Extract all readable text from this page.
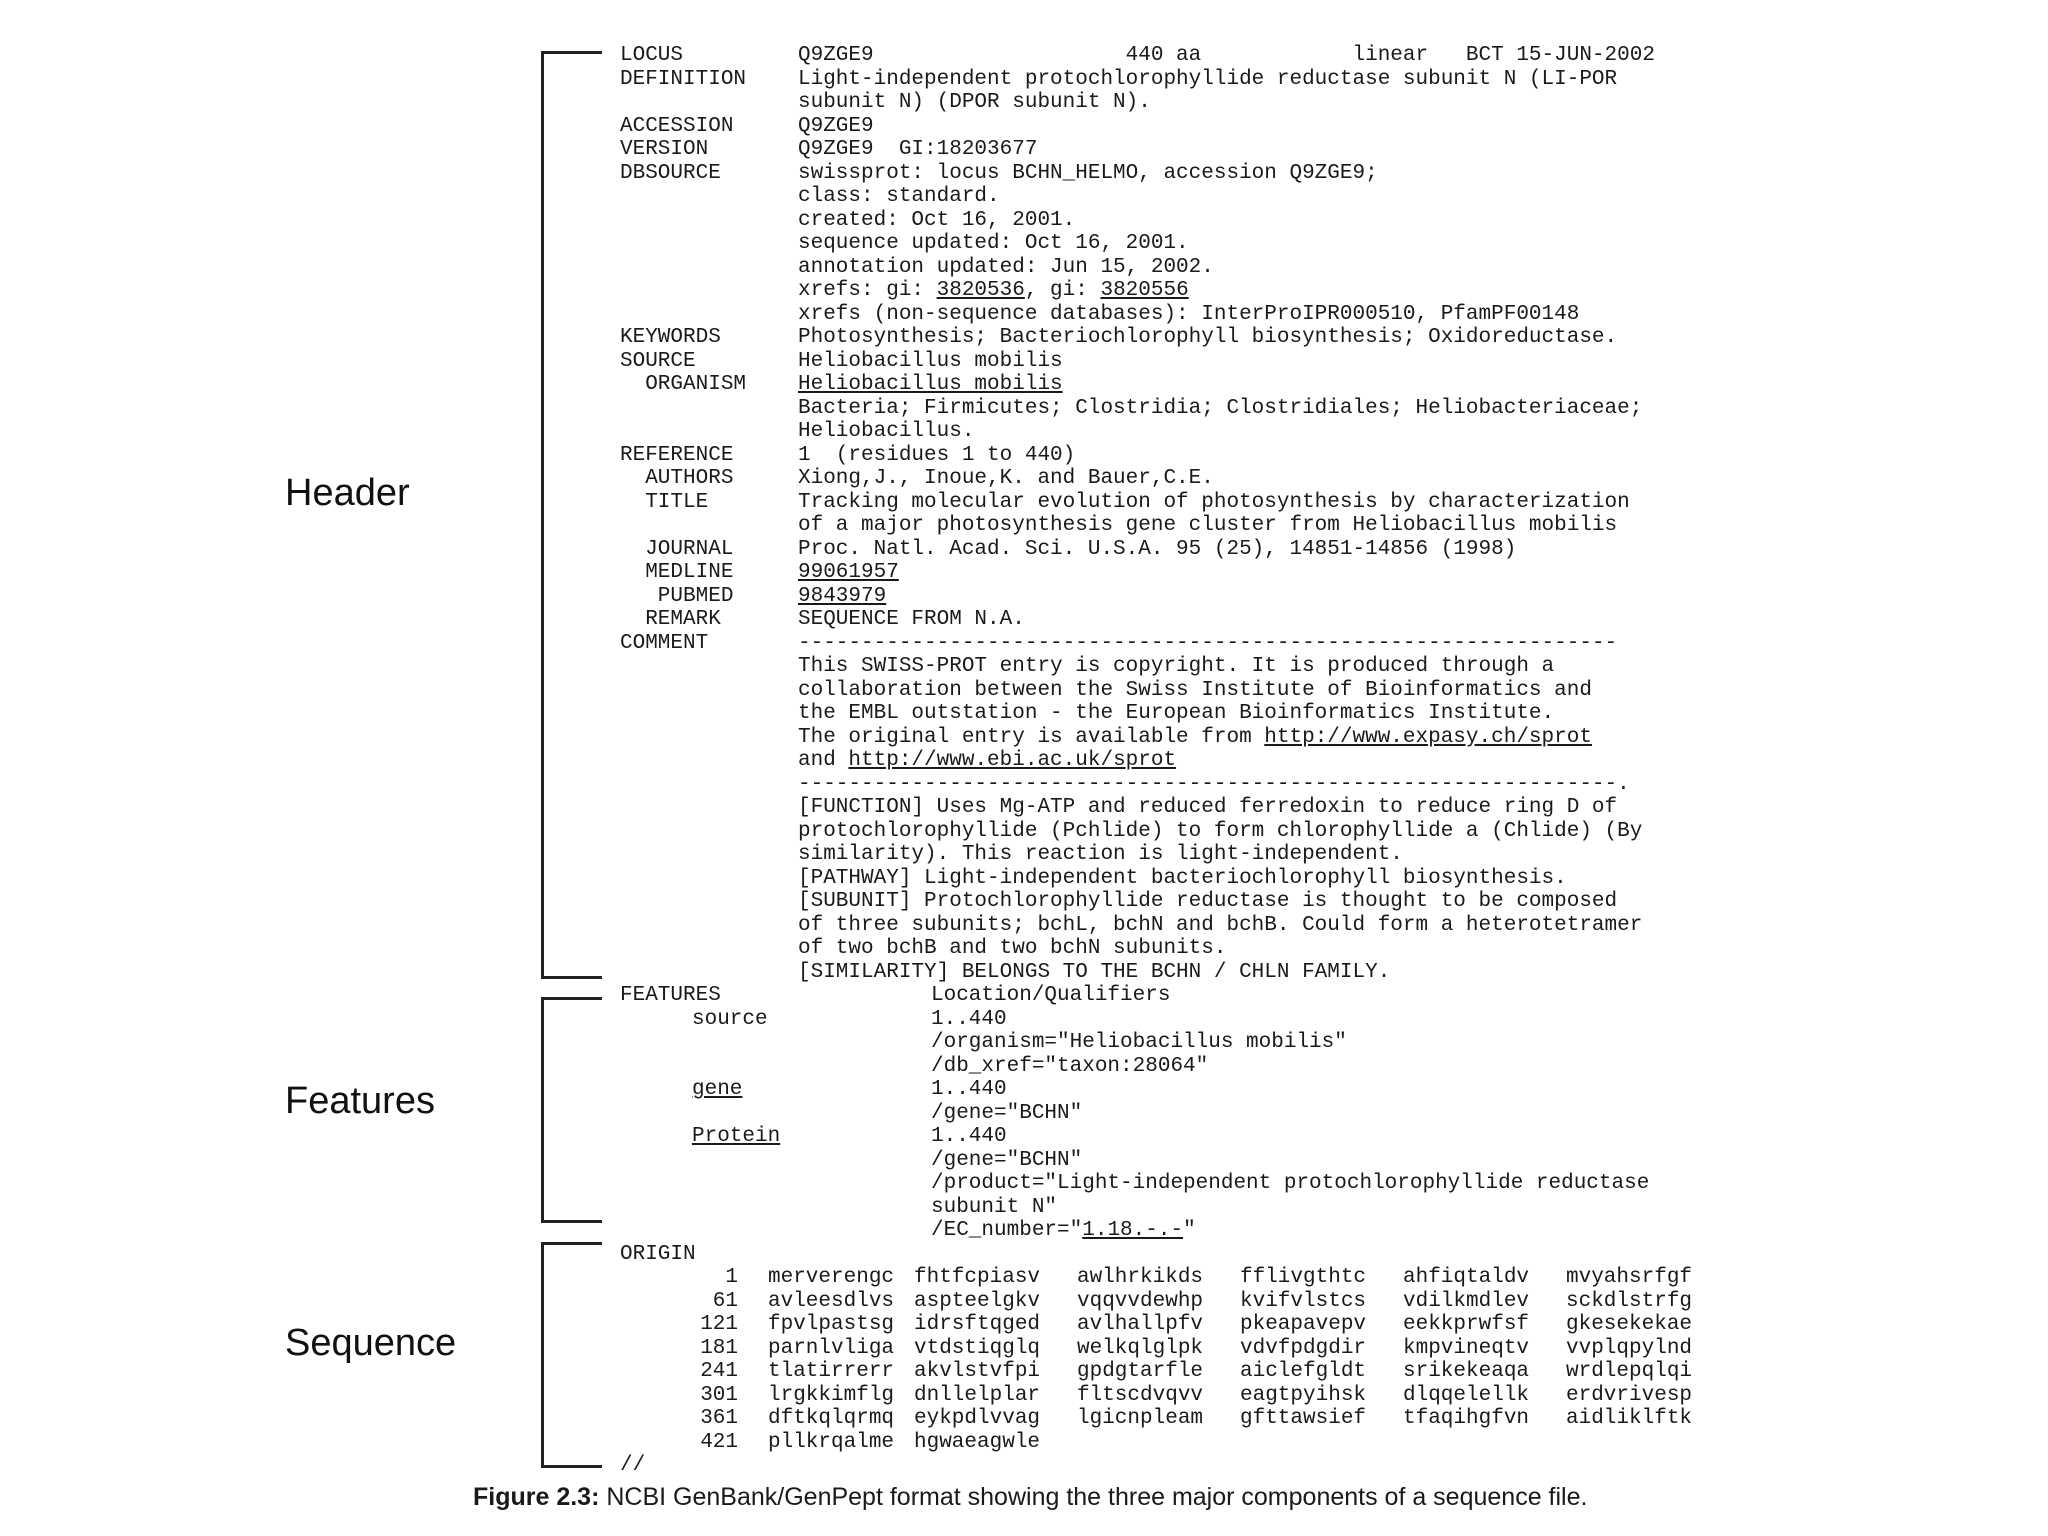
Header
Features
Sequence
LOCUS	Q9ZGE9                    440 aa            linear   BCT 15-JUN-2002
DEFINITION Light-independent protochlorophyllide reductase subunit N (LI-POR
subunit N) (DPOR subunit N).
ACCESSION	Q9ZGE9
VERSION	Q9ZGE9  GI:18203677
DBSOURCE	swissprot: locus BCHN_HELMO, accession Q9ZGE9;
class: standard.
created: Oct 16, 2001.
sequence updated: Oct 16, 2001.
annotation updated: Jun 15, 2002.
xrefs: gi: 3820536, gi: 3820556
xrefs (non-sequence databases): InterProIPR000510, PfamPF00148
KEYWORDS	Photosynthesis; Bacteriochlorophyll biosynthesis; Oxidoreductase.
SOURCE	Heliobacillus mobilis
ORGANISM Heliobacillus mobilis
Bacteria; Firmicutes; Clostridia; Clostridiales; Heliobacteriaceae;
Heliobacillus.
REFERENCE	1  (residues 1 to 440)
AUTHORS	Xiong,J., Inoue,K. and Bauer,C.E.
TITLE	Tracking molecular evolution of photosynthesis by characterization
of a major photosynthesis gene cluster from Heliobacillus mobilis
JOURNAL	Proc. Natl. Acad. Sci. U.S.A. 95 (25), 14851-14856 (1998)
MEDLINE	99061957
PUBMED	9843979
REMARK	SEQUENCE FROM N.A.
COMMENT	-----------------------------------------------------------------
This SWISS-PROT entry is copyright. It is produced through a
collaboration between the Swiss Institute of Bioinformatics and
the EMBL outstation - the European Bioinformatics Institute.
The original entry is available from http://www.expasy.ch/sprot
and http://www.ebi.ac.uk/sprot
-----------------------------------------------------------------.
[FUNCTION] Uses Mg-ATP and reduced ferredoxin to reduce ring D of
protochlorophyllide (Pchlide) to form chlorophyllide a (Chlide) (By
similarity). This reaction is light-independent.
[PATHWAY] Light-independent bacteriochlorophyll biosynthesis.
[SUBUNIT] Protochlorophyllide reductase is thought to be composed
of three subunits; bchL, bchN and bchB. Could form a heterotetramer
of two bchB and two bchN subunits.
[SIMILARITY] BELONGS TO THE BCHN / CHLN FAMILY.
FEATURES	Location/Qualifiers
source	1..440
/organism="Heliobacillus mobilis"
/db_xref="taxon:28064"
gene	1..440
/gene="BCHN"
Protein	1..440
/gene="BCHN"
/product="Light-independent protochlorophyllide reductase
subunit N"
/EC_number="1.18.-.-"
ORIGIN
1 merverengc fhtfcpiasv awlhrkikds fflivgthtc ahfiqtaldv mvyahsrfgf
61 avleesdlvs aspteelgkv vqqvvdewhp kvifvlstcs vdilkmdlev sckdlstrfg
121 fpvlpastsg idrsftqged avlhallpfv pkeapavepv eekkprwfsf gkesekekae
181 parnlvliga vtdstiqglq welkqlglpk vdvfpdgdir kmpvineqtv vvplqpylnd
241 tlatirrerr akvlstvfpi gpdgtarfle aiclefgldt srikekeaqa wrdlepqlqi
301 lrgkkimflg dnllelplar fltscdvqvv eagtpyihsk dlqqelellk erdvrivesp
361 dftkqlqrmq eykpdlvvag lgicnpleam gfttawsief tfaqihgfvn aidliklftk
421 pllkrqalme hgwaeagwle
//
Figure 2.3: NCBI GenBank/GenPept format showing the three major components of a sequence file.
